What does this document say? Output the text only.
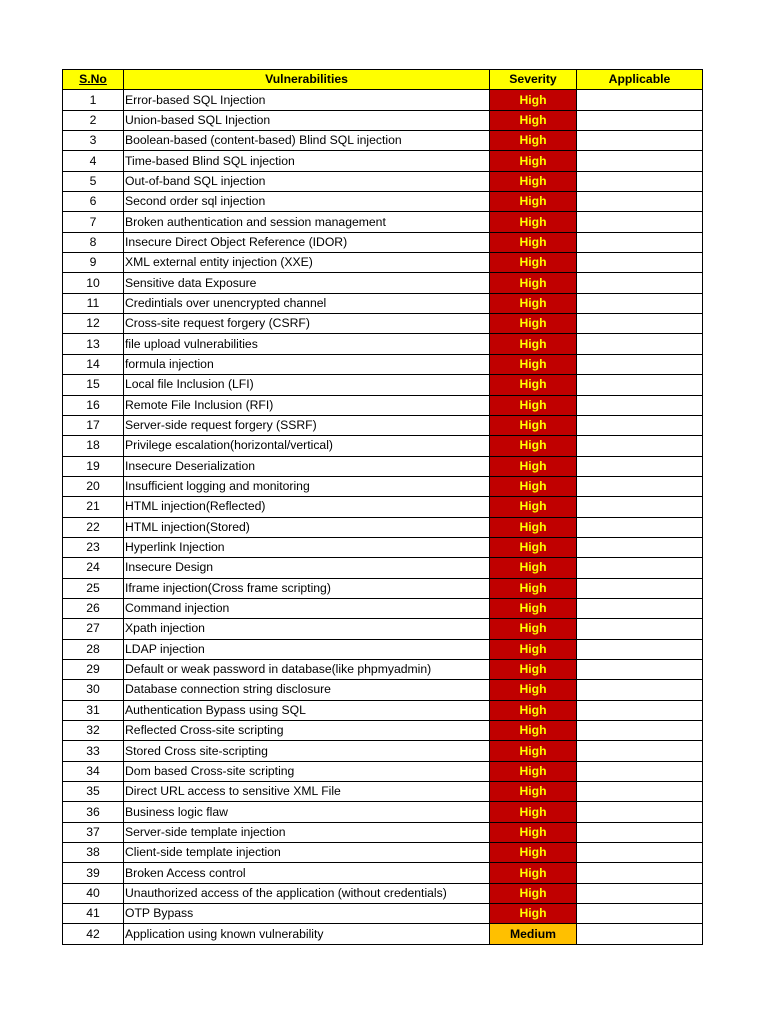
S.No	Vulnerabilities	Severity	Applicable
1	Error-based SQL Injection	High	
2	Union-based SQL Injection	High	
3	Boolean-based (content-based) Blind SQL injection	High	
4	Time-based Blind SQL injection	High	
5	Out-of-band SQL injection	High	
6	Second order sql injection	High	
7	Broken authentication and session management	High	
8	Insecure Direct Object Reference (IDOR)	High	
9	XML external entity injection (XXE)	High	
10	Sensitive data Exposure	High	
11	Credintials over unencrypted channel	High	
12	Cross-site request forgery (CSRF)	High	
13	file upload vulnerabilities	High	
14	formula injection	High	
15	Local file Inclusion (LFI)	High	
16	Remote File Inclusion (RFI)	High	
17	Server-side request forgery (SSRF)	High	
18	Privilege escalation(horizontal/vertical)	High	
19	Insecure Deserialization	High	
20	Insufficient logging and monitoring	High	
21	HTML injection(Reflected)	High	
22	HTML injection(Stored)	High	
23	Hyperlink Injection	High	
24	Insecure Design	High	
25	Iframe injection(Cross frame scripting)	High	
26	Command injection	High	
27	Xpath injection	High	
28	LDAP injection	High	
29	Default or weak password in database(like phpmyadmin)	High	
30	Database connection string disclosure	High	
31	Authentication Bypass using SQL	High	
32	Reflected Cross-site scripting	High	
33	Stored Cross site-scripting	High	
34	Dom based Cross-site scripting	High	
35	Direct URL access to sensitive XML File	High	
36	Business logic flaw	High	
37	Server-side template injection	High	
38	Client-side template injection	High	
39	Broken Access control	High	
40	Unauthorized access of the application (without credentials)	High	
41	OTP Bypass	High	
42	Application using known vulnerability	Medium	
